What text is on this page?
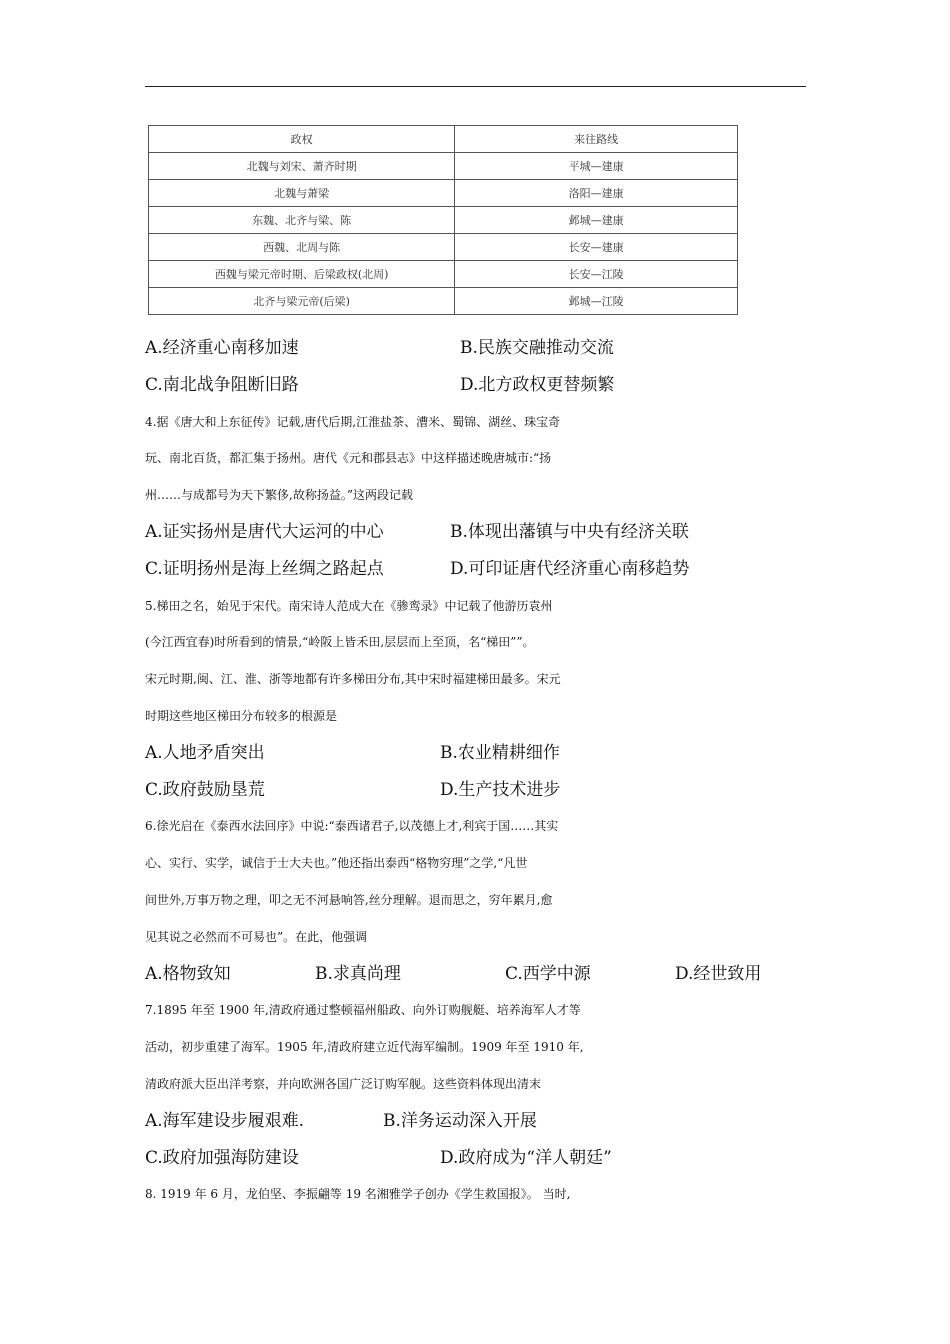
政权	来往路线
北魏与刘宋、萧齐时期	平城—建康
北魏与萧梁	洛阳—建康
东魏、北齐与梁、陈	邺城—建康
西魏、北周与陈	长安—建康
西魏与梁元帝时期、后梁政权(北周)	长安—江陵
北齐与梁元帝(后梁)	邺城—江陵
A.经济重心南移加速	B.民族交融推动交流
C.南北战争阻断旧路	D.北方政权更替频繁
4.据《唐大和上东征传》记载,唐代后期,江淮盐茶、漕米、蜀锦、湖丝、珠宝奇
玩、南北百货，都汇集于扬州。唐代《元和郡县志》中这样描述晚唐城市:“扬
州……与成都号为天下繁侈,故称扬益。”这两段记载
A.证实扬州是唐代大运河的中心	B.体现出藩镇与中央有经济关联
C.证明扬州是海上丝绸之路起点	D.可印证唐代经济重心南移趋势
5.梯田之名，始见于宋代。南宋诗人范成大在《骖鸾录》中记载了他游历袁州
(今江西宜春)时所看到的情景,“岭阪上皆禾田,层层而上至顶，名“梯田””。
宋元时期,闽、江、淮、浙等地都有许多梯田分布,其中宋时福建梯田最多。宋元
时期这些地区梯田分布较多的根源是
A.人地矛盾突出	B.农业精耕细作
C.政府鼓励垦荒	D.生产技术进步
6.徐光启在《泰西水法回序》中说:“泰西诸君子,以茂德上才,利宾于国……其实
心、实行、实学，诚信于士大夫也。”他还指出泰西“格物穷理”之学,“凡世
间世外,万事万物之理，叩之无不河悬响答,丝分理解。退而思之，穷年累月,愈
见其说之必然而不可易也”。在此，他强调
A.格物致知	B.求真尚理	C.西学中源	D.经世致用
7.1895 年至 1900 年,清政府通过整顿福州船政、向外订购舰艇、培养海军人才等
活动，初步重建了海军。1905 年,清政府建立近代海军编制。1909 年至 1910 年,
清政府派大臣出洋考察，并向欧洲各国广泛订购军舰。这些资料体现出清末
A.海军建设步履艰难.	B.洋务运动深入开展
C.政府加强海防建设	D.政府成为“洋人朝廷”
8. 1919 年 6 月，龙伯坚、李振翩等 19 名湘雅学子创办《学生救国报》。 当时,
